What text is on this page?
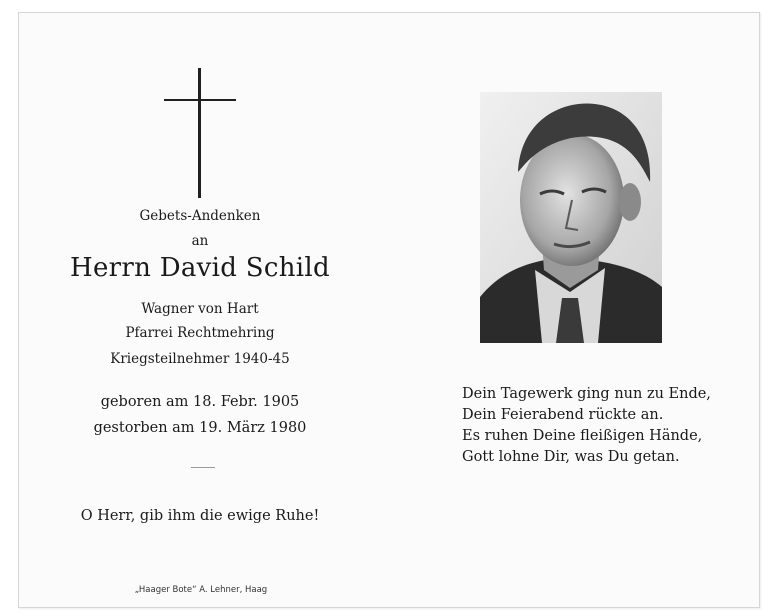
Gebets-Andenken
an
Herrn David Schild
Wagner von Hart
Pfarrei Rechtmehring
Kriegsteilnehmer 1940-45
geboren am 18. Febr. 1905
gestorben am 19. März 1980
O Herr, gib ihm die ewige Ruhe!
„Haager Bote“ A. Lehner, Haag
Dein Tagewerk ging nun zu Ende,
Dein Feierabend rückte an.
Es ruhen Deine fleißigen Hände,
Gott lohne Dir, was Du getan.
